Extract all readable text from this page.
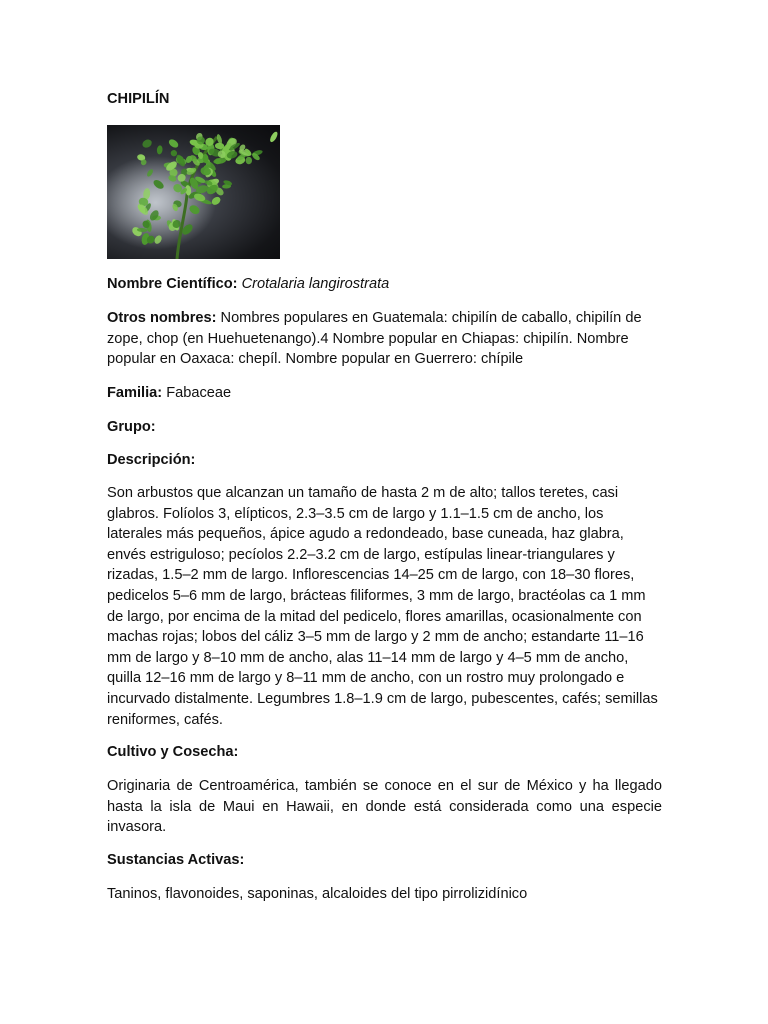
CHIPILÍN

Nombre Científico: Crotalaria langirostrata

Otros nombres: Nombres populares en Guatemala: chipilín de caballo, chipilín de zope, chop (en Huehuetenango).4 Nombre popular en Chiapas: chipilín. Nombre popular en Oaxaca: chepíl. Nombre popular en Guerrero: chípile

Familia: Fabaceae

Grupo:

Descripción:

Son arbustos que alcanzan un tamaño de hasta 2 m de alto; tallos teretes, casi glabros. Folíolos 3, elípticos, 2.3–3.5 cm de largo y 1.1–1.5 cm de ancho, los laterales más pequeños, ápice agudo a redondeado, base cuneada, haz glabra, envés estriguloso; pecíolos 2.2–3.2 cm de largo, estípulas linear-triangulares y rizadas, 1.5–2 mm de largo. Inflorescencias 14–25 cm de largo, con 18–30 flores, pedicelos 5–6 mm de largo, brácteas filiformes, 3 mm de largo, bractéolas ca 1 mm de largo, por encima de la mitad del pedicelo, flores amarillas, ocasionalmente con machas rojas; lobos del cáliz 3–5 mm de largo y 2 mm de ancho; estandarte 11–16 mm de largo y 8–10 mm de ancho, alas 11–14 mm de largo y 4–5 mm de ancho, quilla 12–16 mm de largo y 8–11 mm de ancho, con un rostro muy prolongado e incurvado distalmente. Legumbres 1.8–1.9 cm de largo, pubescentes, cafés; semillas reniformes, cafés.

Cultivo y Cosecha:

Originaria de Centroamérica, también se conoce en el sur de México y ha llegado hasta la isla de Maui en Hawaii, en donde está considerada como una especie invasora.

Sustancias Activas:

Taninos, flavonoides, saponinas, alcaloides del tipo pirrolizidínico
